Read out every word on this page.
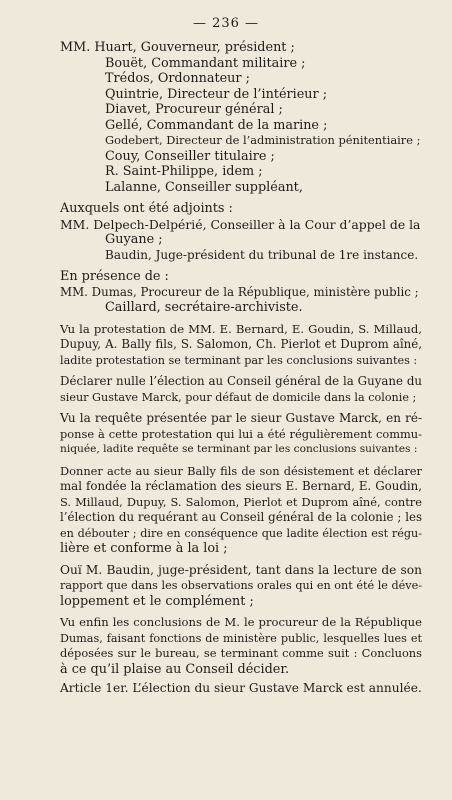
— 236 —
MM. Huart, Gouverneur, président ;
Bouët, Commandant militaire ;
Trédos, Ordonnateur ;
Quintrie, Directeur de l’intérieur ;
Diavet, Procureur général ;
Gellé, Commandant de la marine ;
Godebert, Directeur de l’administration pénitentiaire ;
Couy, Conseiller titulaire ;
R. Saint-Philippe, idem ;
Lalanne, Conseiller suppléant,
Auxquels ont été adjoints :
MM. Delpech-Delpérié, Conseiller à la Cour d’appel de la
Guyane ;
Baudin, Juge-président du tribunal de 1re instance.
En présence de :
MM. Dumas, Procureur de la République, ministère public ;
Caillard, secrétaire-archiviste.
Vu la protestation de MM. E. Bernard, E. Goudin, S. Millaud,
Dupuy, A. Bally fils, S. Salomon, Ch. Pierlot et Duprom aîné,
ladite protestation se terminant par les conclusions suivantes :
Déclarer nulle l’élection au Conseil général de la Guyane du
sieur Gustave Marck, pour défaut de domicile dans la colonie ;
Vu la requête présentée par le sieur Gustave Marck, en ré-
ponse à cette protestation qui lui a été régulièrement commu-
niquée, ladite requête se terminant par les conclusions suivantes :
Donner acte au sieur Bally fils de son désistement et déclarer
mal fondée la réclamation des sieurs E. Bernard, E. Goudin,
S. Millaud, Dupuy, S. Salomon, Pierlot et Duprom aîné, contre
l’élection du requérant au Conseil général de la colonie ; les
en débouter ; dire en conséquence que ladite élection est régu-
lière et conforme à la loi ;
Ouï M. Baudin, juge-président, tant dans la lecture de son
rapport que dans les observations orales qui en ont été le déve-
loppement et le complément ;
Vu enfin les conclusions de M. le procureur de la République
Dumas, faisant fonctions de ministère public, lesquelles lues et
déposées sur le bureau, se terminant comme suit : Concluons
à ce qu’il plaise au Conseil décider.
Article 1er. L’élection du sieur Gustave Marck est annulée.
